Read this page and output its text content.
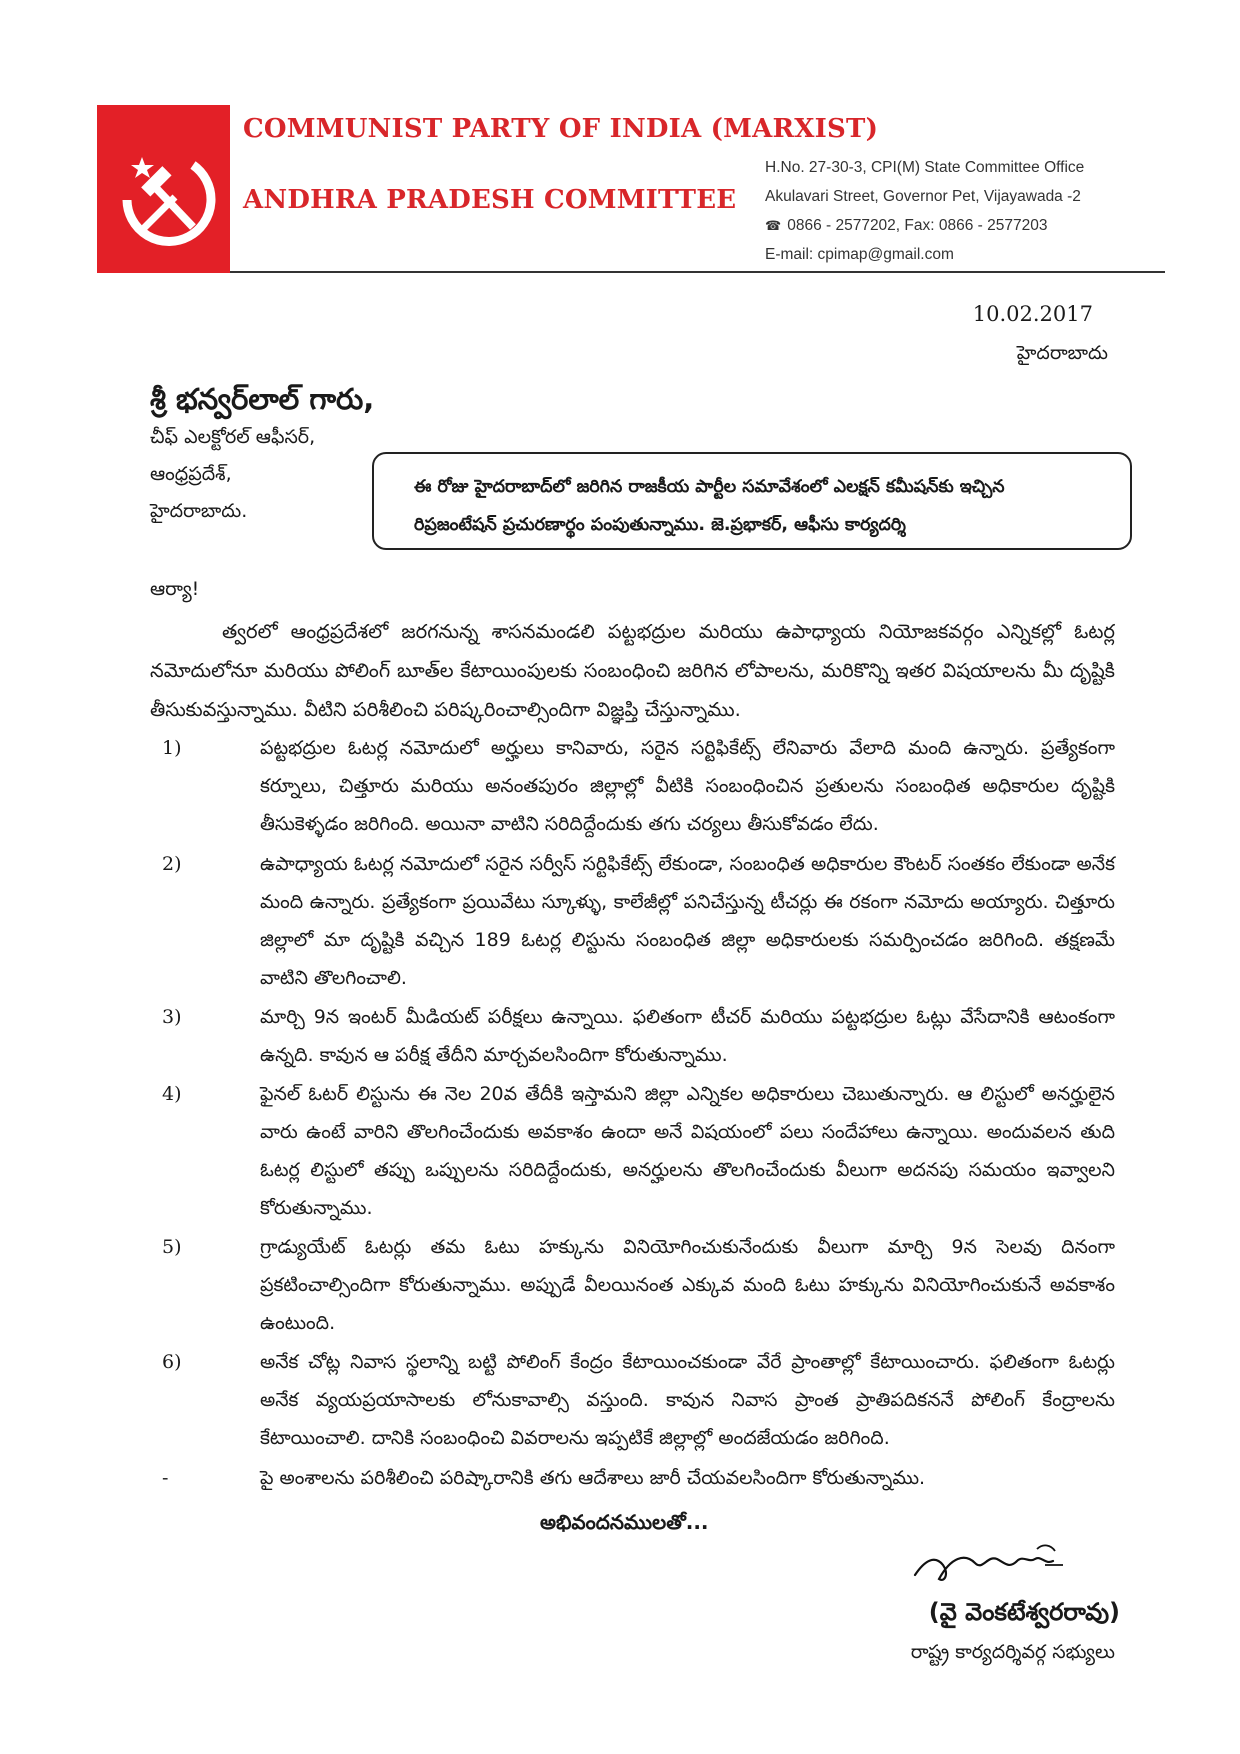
COMMUNIST PARTY OF INDIA (MARXIST)
ANDHRA PRADESH COMMITTEE
H.No. 27-30-3, CPI(M) State Committee Office
Akulavari Street, Governor Pet, Vijayawada -2
☎ 0866 - 2577202, Fax: 0866 - 2577203
E-mail: cpimap@gmail.com
10.02.2017
హైదరాబాదు
శ్రీ భన్వర్‌లాల్ గారు,
చీఫ్ ఎలక్టోరల్ ఆఫీసర్,
ఆంధ్రప్రదేశ్,
హైదరాబాదు.
ఈ రోజు హైదరాబాద్‌లో జరిగిన రాజకీయ పార్టీల సమావేశంలో ఎలక్షన్ కమీషన్‌కు ఇచ్చిన
రిప్రజంటేషన్ ప్రచురణార్థం పంపుతున్నాము. జె.ప్రభాకర్, ఆఫీసు కార్యదర్శి
ఆర్యా!
త్వరలో ఆంధ్రప్రదేశలో జరగనున్న శాసనమండలి పట్టభద్రుల మరియు ఉపాధ్యాయ నియోజకవర్గం ఎన్నికల్లో ఓటర్ల నమోదులోనూ మరియు పోలింగ్ బూత్‌ల కేటాయింపులకు సంబంధించి జరిగిన లోపాలను, మరికొన్ని ఇతర విషయాలను మీ దృష్టికి తీసుకువస్తున్నాము. వీటిని పరిశీలించి పరిష్కరించాల్సిందిగా విజ్ఞప్తి చేస్తున్నాము.
1)	పట్టభద్రుల ఓటర్ల నమోదులో అర్హులు కానివారు, సరైన సర్టిఫికేట్స్ లేనివారు వేలాది మంది ఉన్నారు. ప్రత్యేకంగా కర్నూలు, చిత్తూరు మరియు అనంతపురం జిల్లాల్లో వీటికి సంబంధించిన ప్రతులను సంబంధిత అధికారుల దృష్టికి తీసుకెళ్ళడం జరిగింది. అయినా వాటిని సరిదిద్దేందుకు తగు చర్యలు తీసుకోవడం లేదు.
2)	ఉపాధ్యాయ ఓటర్ల నమోదులో సరైన సర్వీస్ సర్టిఫికేట్స్ లేకుండా, సంబంధిత అధికారుల కౌంటర్ సంతకం లేకుండా అనేక మంది ఉన్నారు. ప్రత్యేకంగా ప్రయివేటు స్కూళ్ళు, కాలేజీల్లో పనిచేస్తున్న టీచర్లు ఈ రకంగా నమోదు అయ్యారు. చిత్తూరు జిల్లాలో మా దృష్టికి వచ్చిన 189 ఓటర్ల లిస్టును సంబంధిత జిల్లా అధికారులకు సమర్పించడం జరిగింది. తక్షణమే వాటిని తొలగించాలి.
3)	మార్చి 9న ఇంటర్ మీడియట్ పరీక్షలు ఉన్నాయి. ఫలితంగా టీచర్ మరియు పట్టభద్రుల ఓట్లు వేసేదానికి ఆటంకంగా ఉన్నది. కావున ఆ పరీక్ష తేదీని మార్చవలసిందిగా కోరుతున్నాము.
4)	ఫైనల్ ఓటర్ లిస్టును ఈ నెల 20వ తేదీకి ఇస్తామని జిల్లా ఎన్నికల అధికారులు చెబుతున్నారు. ఆ లిస్టులో అనర్హులైన వారు ఉంటే వారిని తొలగించేందుకు అవకాశం ఉందా అనే విషయంలో పలు సందేహాలు ఉన్నాయి. అందువలన తుది ఓటర్ల లిస్టులో తప్పు ఒప్పులను సరిదిద్దేందుకు, అనర్హులను తొలగించేందుకు వీలుగా అదనపు సమయం ఇవ్వాలని కోరుతున్నాము.
5)	గ్రాడ్యుయేట్ ఓటర్లు తమ ఓటు హక్కును వినియోగించుకునేందుకు వీలుగా మార్చి 9న సెలవు దినంగా ప్రకటించాల్సిందిగా కోరుతున్నాము. అప్పుడే వీలయినంత ఎక్కువ మంది ఓటు హక్కును వినియోగించుకునే అవకాశం ఉంటుంది.
6)	అనేక చోట్ల నివాస స్థలాన్ని బట్టి పోలింగ్ కేంద్రం కేటాయించకుండా వేరే ప్రాంతాల్లో కేటాయించారు. ఫలితంగా ఓటర్లు అనేక వ్యయప్రయాసాలకు లోనుకావాల్సి వస్తుంది. కావున నివాస ప్రాంత ప్రాతిపదికననే పోలింగ్ కేంద్రాలను కేటాయించాలి. దానికి సంబంధించి వివరాలను ఇప్పటికే జిల్లాల్లో అందజేయడం జరిగింది.
-	పై అంశాలను పరిశీలించి పరిష్కారానికి తగు ఆదేశాలు జారీ చేయవలసిందిగా కోరుతున్నాము.
అభివందనములతో...
(వై వెంకటేశ్వరరావు)
రాష్ట్ర కార్యదర్శివర్గ సభ్యులు
